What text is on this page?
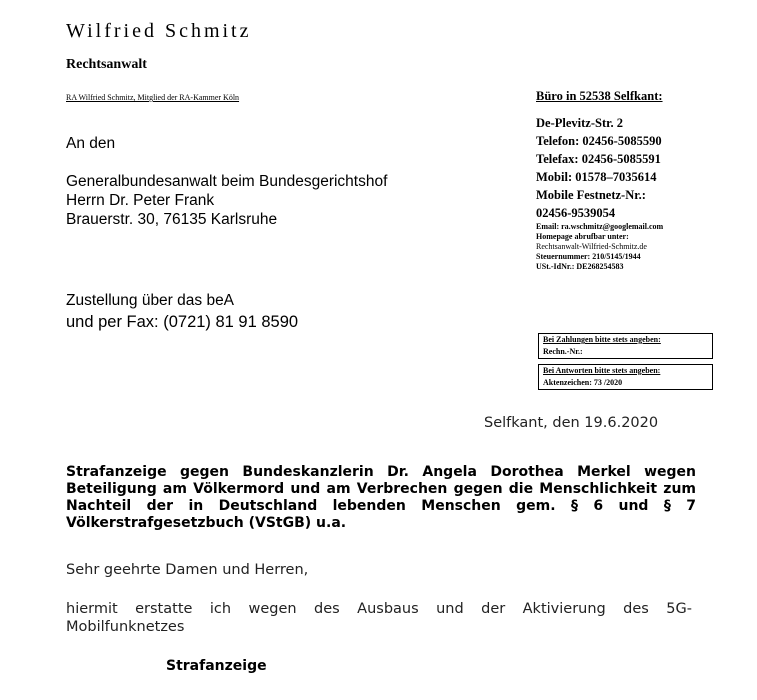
Wilfried Schmitz
Rechtsanwalt
RA Wilfried Schmitz, Mitglied der RA-Kammer Köln
An den
Generalbundesanwalt beim Bundesgerichtshof
Herrn Dr. Peter Frank
Brauerstr. 30, 76135 Karlsruhe
Zustellung über das beA
und per Fax: (0721) 81 91 8590
Büro in 52538 Selfkant:
De-Plevitz-Str. 2
Telefon: 02456-5085590
Telefax: 02456-5085591
Mobil: 01578–7035614
Mobile Festnetz-Nr.:
02456-9539054
Email: ra.wschmitz@googlemail.com
Homepage abrufbar unter:
Rechtsanwalt-Wilfried-Schmitz.de
Steuernummer: 210/5145/1944
USt.-IdNr.: DE268254583
Bei Zahlungen bitte stets angeben:
Rechn.-Nr.:
Bei Antworten bitte stets angeben:
Aktenzeichen: 73 /2020
Selfkant, den 19.6.2020
Strafanzeige gegen Bundeskanzlerin Dr. Angela Dorothea Merkel wegen
Beteiligung am Völkermord und am Verbrechen gegen die Menschlichkeit zum
Nachteil der in Deutschland lebenden Menschen gem. § 6 und § 7
Völkerstrafgesetzbuch (VStGB) u.a.
Sehr geehrte Damen und Herren,
hiermit erstatte ich wegen des Ausbaus und der Aktivierung des 5G-
Mobilfunknetzes
Strafanzeige
